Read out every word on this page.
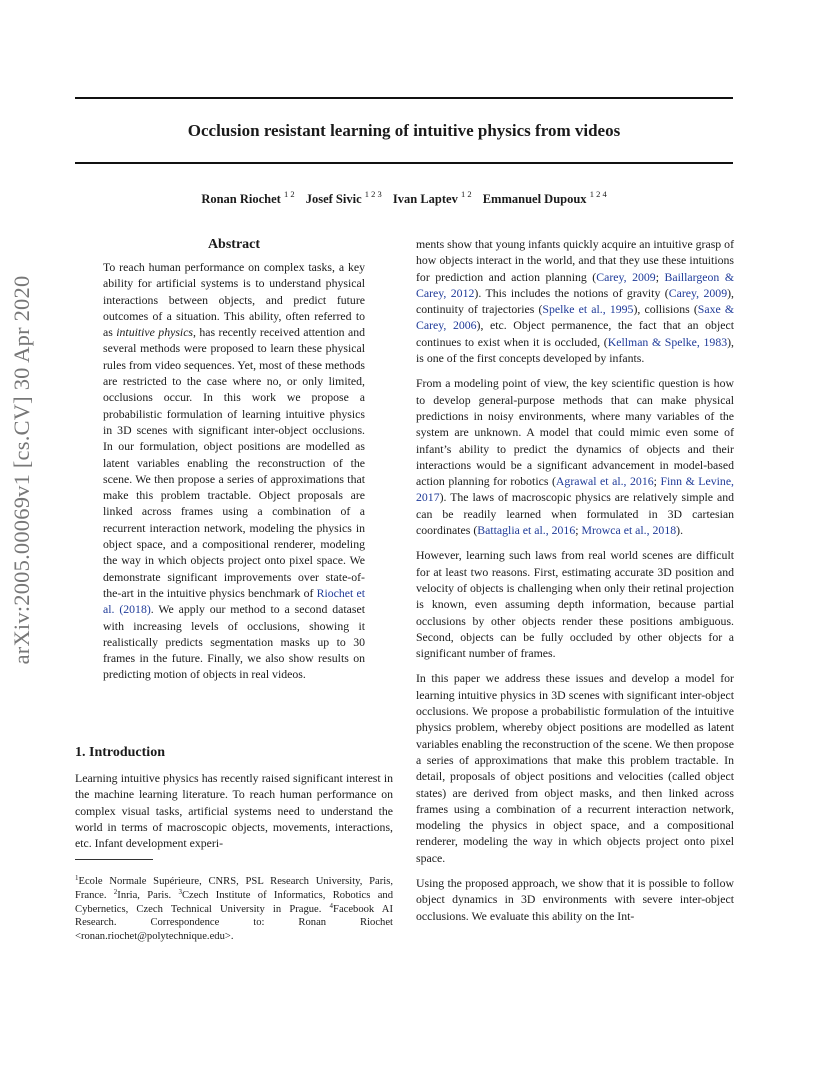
arXiv:2005.00069v1 [cs.CV] 30 Apr 2020
Occlusion resistant learning of intuitive physics from videos
Ronan Riochet $^{1 2}$ Josef Sivic $^{1 2 3}$ Ivan Laptev $^{1 2}$ Emmanuel Dupoux $^{1 2 4}$
Abstract

To reach human performance on complex tasks, a key ability for artificial systems is to understand physical interactions between objects, and predict future outcomes of a situation. This ability, often referred to as intuitive physics, has recently received attention and several methods were proposed to learn these physical rules from video sequences. Yet, most of these methods are restricted to the case where no, or only limited, occlusions occur. In this work we propose a probabilistic formulation of learning intuitive physics in 3D scenes with significant inter-object occlusions. In our formulation, object positions are modelled as latent variables enabling the reconstruction of the scene. We then propose a series of approximations that make this problem tractable. Object proposals are linked across frames using a combination of a recurrent interaction network, modeling the physics in object space, and a compositional renderer, modeling the way in which objects project onto pixel space. We demonstrate significant improvements over state-of-the-art in the intuitive physics benchmark of Riochet et al. (2018). We apply our method to a second dataset with increasing levels of occlusions, showing it realistically predicts segmentation masks up to 30 frames in the future. Finally, we also show results on predicting motion of objects in real videos.

1. Introduction

Learning intuitive physics has recently raised significant interest in the machine learning literature. To reach human performance on complex visual tasks, artificial systems need to understand the world in terms of macroscopic objects, movements, interactions, etc. Infant development experi-

$^1$Ecole Normale Supérieure, CNRS, PSL Research University, Paris, France. $^2$Inria, Paris. $^3$Czech Institute of Informatics, Robotics and Cybernetics, Czech Technical University in Prague. $^4$Facebook AI Research. Correspondence to: Ronan Riochet <ronan.riochet@polytechnique.edu>.

ments show that young infants quickly acquire an intuitive grasp of how objects interact in the world, and that they use these intuitions for prediction and action planning (Carey, 2009; Baillargeon & Carey, 2012). This includes the notions of gravity (Carey, 2009), continuity of trajectories (Spelke et al., 1995), collisions (Saxe & Carey, 2006), etc. Object permanence, the fact that an object continues to exist when it is occluded, (Kellman & Spelke, 1983), is one of the first concepts developed by infants.

From a modeling point of view, the key scientific question is how to develop general-purpose methods that can make physical predictions in noisy environments, where many variables of the system are unknown. A model that could mimic even some of infant’s ability to predict the dynamics of objects and their interactions would be a significant advancement in model-based action planning for robotics (Agrawal et al., 2016; Finn & Levine, 2017). The laws of macroscopic physics are relatively simple and can be readily learned when formulated in 3D cartesian coordinates (Battaglia et al., 2016; Mrowca et al., 2018).

However, learning such laws from real world scenes are difficult for at least two reasons. First, estimating accurate 3D position and velocity of objects is challenging when only their retinal projection is known, even assuming depth information, because partial occlusions by other objects render these positions ambiguous. Second, objects can be fully occluded by other objects for a significant number of frames.

In this paper we address these issues and develop a model for learning intuitive physics in 3D scenes with significant inter-object occlusions. We propose a probabilistic formulation of the intuitive physics problem, whereby object positions are modelled as latent variables enabling the reconstruction of the scene. We then propose a series of approximations that make this problem tractable. In detail, proposals of object positions and velocities (called object states) are derived from object masks, and then linked across frames using a combination of a recurrent interaction network, modeling the physics in object space, and a compositional renderer, modeling the way in which objects project onto pixel space.

Using the proposed approach, we show that it is possible to follow object dynamics in 3D environments with severe inter-object occlusions. We evaluate this ability on the Int-
